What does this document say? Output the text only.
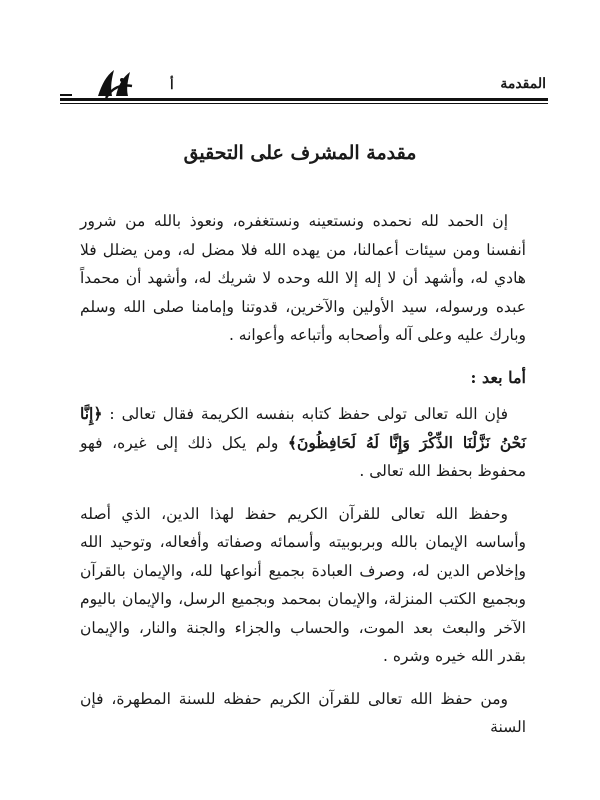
أ	المقدمة
مقدمة المشرف على التحقيق

إن الحمد لله نحمده ونستعينه ونستغفره، ونعوذ بالله من شرور أنفسنا ومن سيئات أعمالنا، من يهده الله فلا مضل له، ومن يضلل فلا هادي له، وأشهد أن لا إله إلا الله وحده لا شريك له، وأشهد أن محمداً عبده ورسوله، سيد الأولين والآخرين، قدوتنا وإمامنا صلى الله وسلم وبارك عليه وعلى آله وأصحابه وأتباعه وأعوانه .

أما بعد :

فإن الله تعالى تولى حفظ كتابه بنفسه الكريمة فقال تعالى : ﴿إِنَّا نَحْنُ نَزَّلْنَا الذِّكْرَ وَإِنَّا لَهُ لَحَافِظُونَ﴾ ولم يكل ذلك إلى غيره، فهو محفوظ بحفظ الله تعالى .

وحفظ الله تعالى للقرآن الكريم حفظ لهذا الدين، الذي أصله وأساسه الإيمان بالله وبربوبيته وأسمائه وصفاته وأفعاله، وتوحيد الله وإخلاص الدين له، وصرف العبادة بجميع أنواعها لله، والإيمان بالقرآن وبجميع الكتب المنزلة، والإيمان بمحمد وبجميع الرسل، والإيمان باليوم الآخر والبعث بعد الموت، والحساب والجزاء والجنة والنار، والإيمان بقدر الله خيره وشره .

ومن حفظ الله تعالى للقرآن الكريم حفظه للسنة المطهرة، فإن السنة
